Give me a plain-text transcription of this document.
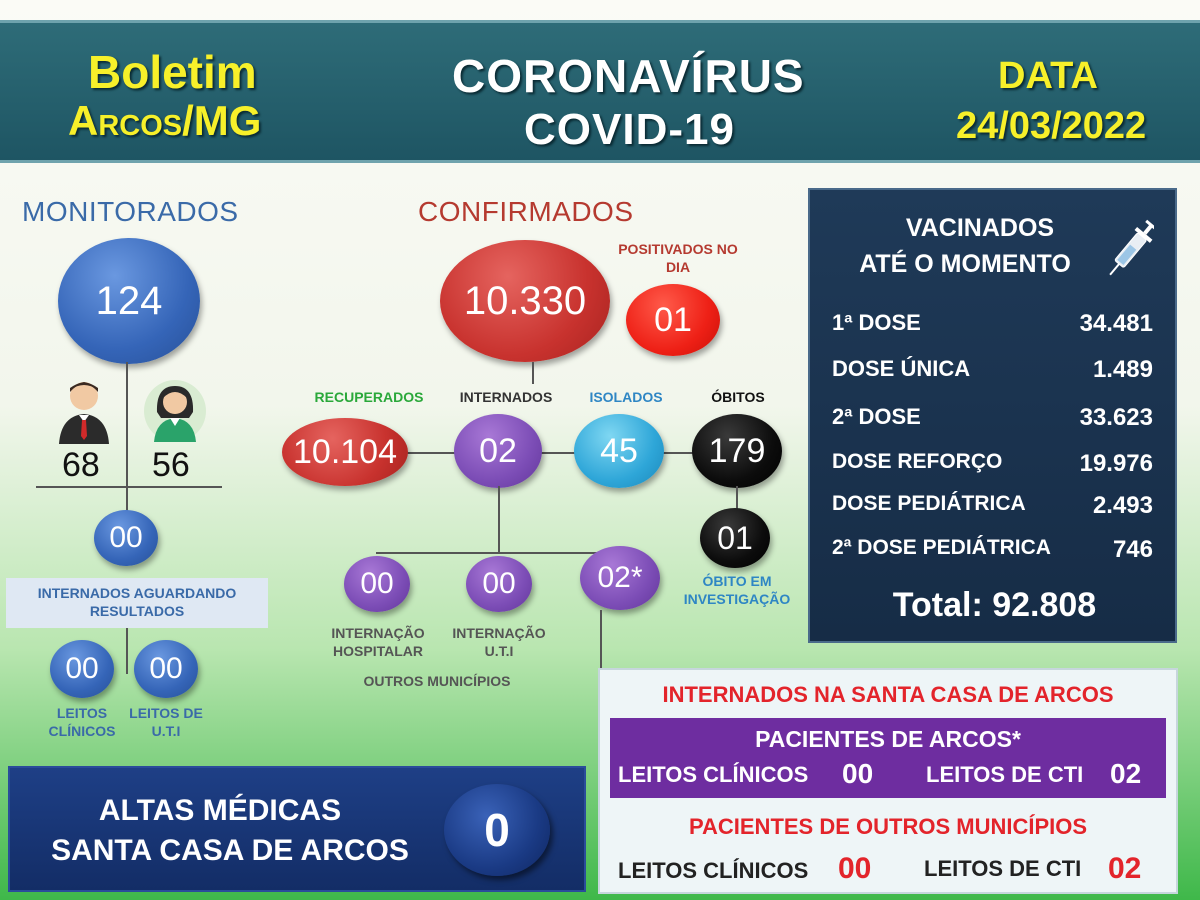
Boletim
Arcos/MG
CORONAVÍRUS
COVID-19
DATA
24/03/2022
MONITORADOS
124
68 56
00
INTERNADOS AGUARDANDO RESULTADOS
00 00
LEITOS CLÍNICOS
LEITOS DE U.T.I
CONFIRMADOS
10.330
POSITIVADOS NO DIA
01
RECUPERADOS	INTERNADOS	ISOLADOS	ÓBITOS
10.104 02 45 179
01
ÓBITO EM INVESTIGAÇÃO
00	00	02*
INTERNAÇÃO HOSPITALAR
INTERNAÇÃO U.T.I
OUTROS MUNICÍPIOS
VACINADOS
ATÉ O MOMENTO
1ª DOSE	34.481
DOSE ÚNICA	1.489
2ª DOSE	33.623
DOSE REFORÇO	19.976
DOSE PEDIÁTRICA	2.493
2ª DOSE PEDIÁTRICA	746
Total: 92.808
INTERNADOS NA SANTA CASA DE ARCOS
PACIENTES DE ARCOS*
LEITOS CLÍNICOS 00 LEITOS DE CTI 02
PACIENTES DE OUTROS MUNICÍPIOS
LEITOS CLÍNICOS 00 LEITOS DE CTI 02
ALTAS MÉDICAS
SANTA CASA DE ARCOS	0
